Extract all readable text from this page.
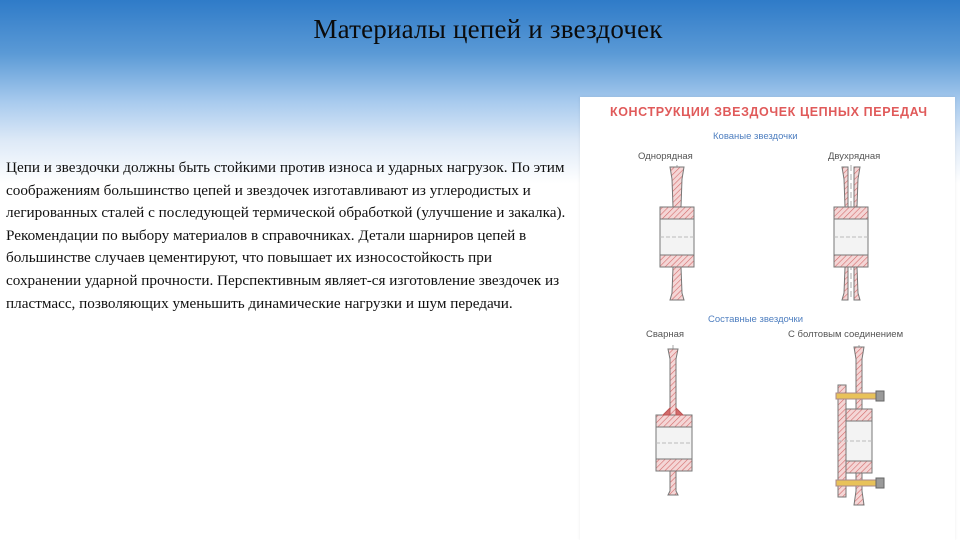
Материалы цепей и звездочек
Цепи и звездочки должны быть стойкими против износа и ударных нагрузок. По этим соображениям большинство цепей и звездочек изготавливают из углеродистых и легированных сталей с последующей термической обработкой (улучшение и закалка). Рекомендации по выбору материалов в справочниках. Детали шарниров цепей в большинстве случаев цементируют, что повышает их износостойкость при сохранении ударной прочности. Перспективным являет-ся изготовление звездочек из пластмасс, позволяющих уменьшить динамические нагрузки и шум передачи.
КОНСТРУКЦИИ ЗВЕЗДОЧЕК ЦЕПНЫХ ПЕРЕДАЧ
Кованые звездочки
Однорядная	Двухрядная
Составные звездочки
Сварная	С болтовым соединением
